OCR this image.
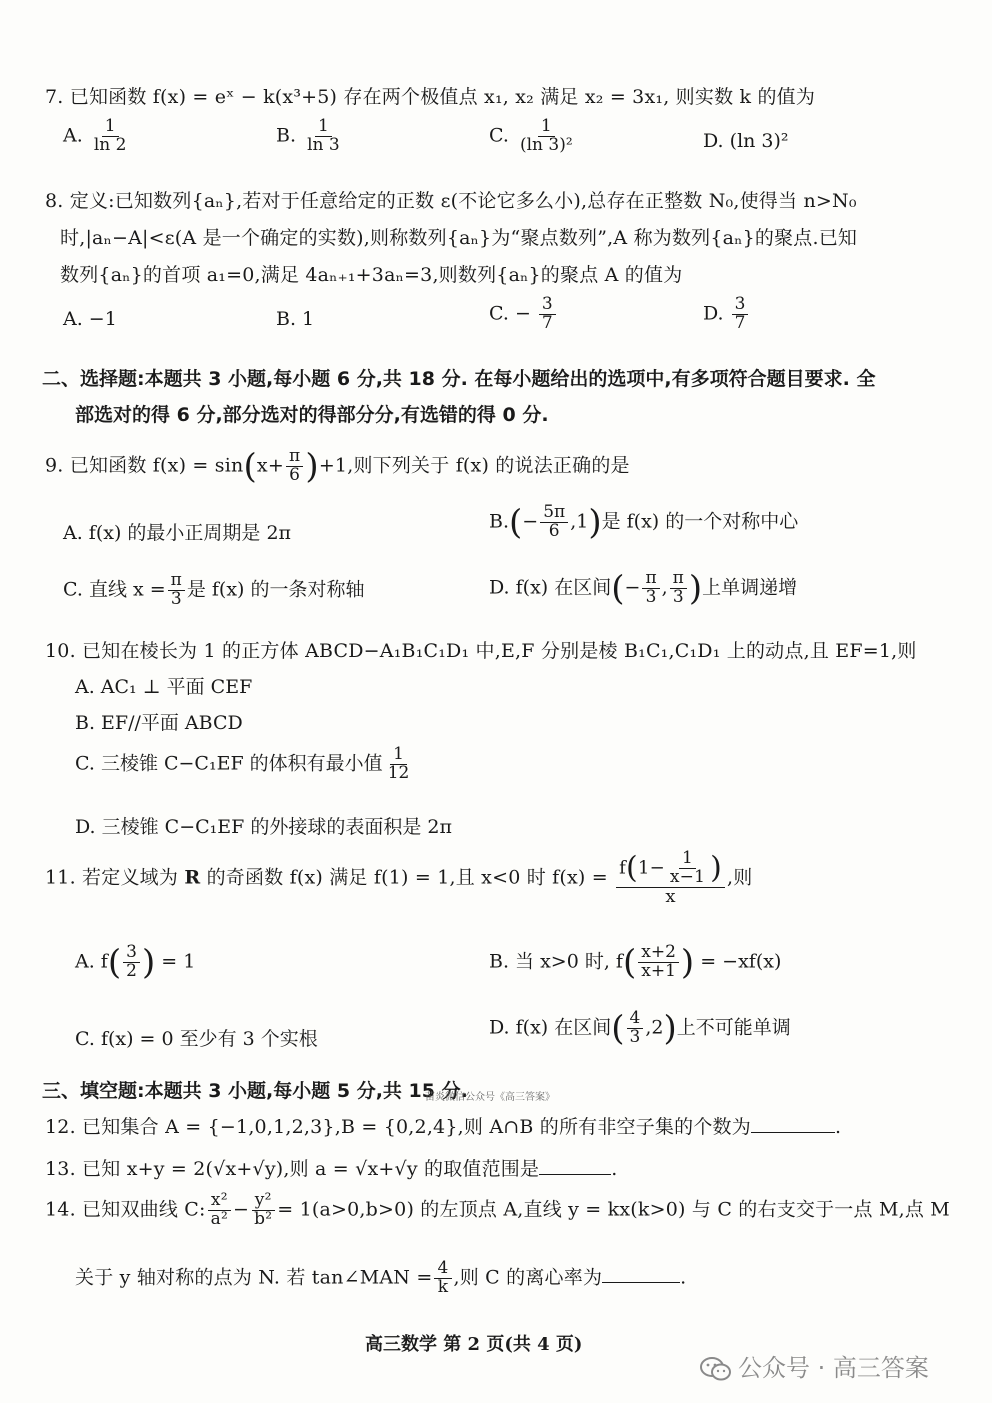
7. 已知函数 f(x) = eˣ − k(x³+5) 存在两个极值点 x₁, x₂ 满足 x₂ = 3x₁, 则实数 k 的值为
A. $\frac{1}{\ln 2}$	B. $\frac{1}{\ln 3}$	C. $\frac{1}{\text{(ln 3)²}}$	D. (ln 3)²
8. 定义:已知数列{aₙ},若对于任意给定的正数 ε(不论它多么小),总存在正整数 N₀,使得当 n>N₀
时,|aₙ−A|<ε(A 是一个确定的实数),则称数列{aₙ}为“聚点数列”,A 称为数列{aₙ}的聚点.已知
数列{aₙ}的首项 a₁=0,满足 4aₙ₊₁+3aₙ=3,则数列{aₙ}的聚点 A 的值为
A. −1	B. 1	C. − $\frac{3}{7}$	D. $\frac{3}{7}$
二、选择题:本题共 3 小题,每小题 6 分,共 18 分. 在每小题给出的选项中,有多项符合题目要求. 全
部选对的得 6 分,部分选对的得部分分,有选错的得 0 分.
9. 已知函数 $f(x) = \sin(x+ \frac{\pi}{6} )+1$,则下列关于 f(x) 的说法正确的是
A. f(x) 的最小正周期是 2π
$B.(- \frac{5\pi}{6} ,1)$是 f(x) 的一个对称中心
C. 直线 $x = \frac{\pi}{3}$ 是 f(x) 的一条对称轴	D. f(x) 在区间(− $\frac{\pi}{3}$ , $\frac{\pi}{3}$ )上单调递增
10. 已知在棱长为 1 的正方体 ABCD−A₁B₁C₁D₁ 中,E,F 分别是棱 B₁C₁,C₁D₁ 上的动点,且 EF=1,则
A. AC₁ ⊥ 平面 CEF
B. EF//平面 ABCD
C. 三棱锥 C−C₁EF 的体积有最小值 $\frac{1}{12}$
D. 三棱锥 C−C₁EF 的外接球的表面积是 2π
11. 若定义域为 R 的奇函数 f(x) 满足 f(1) = 1,且 x<0 时 $f(x) = \frac{f(1- \frac{1}{x-1} )}{x}$ ,则
A. $f( \frac{3}{2}$ ) = 1	B. 当 x>0 时, $f( \frac{x+2}{x+1}$ ) = −xf(x)
C. f(x) = 0 至少有 3 个实根
D. f(x) 在区间( $\frac{4}{3} ,2$)上不可能单调
三、填空题:本题共 3 小题,每小题 5 分,共 15 分.
苗炎微信公众号《高三答案》
12. 已知集合 A = {−1,0,1,2,3},B = {0,2,4},则 A∩B 的所有非空子集的个数为	.
13. 已知 x+y = 2(√x+√y),则 a = √x+√y 的取值范围是	.
14. 已知双曲线 C: $\frac{\text{x²}}{\text{a²}} - \frac{\text{y²}}{\text{b²}} = 1(a>0,b>0)$ 的左顶点 A,直线 y = kx(k>0) 与 C 的右支交于一点 M,点 M
关于 y 轴对称的点为 N. 若 tan∠MAN = $\frac{4}{k}$ ,则 C 的离心率为	.
高三数学 第 2 页(共 4 页)
公众号 · 高三答案
